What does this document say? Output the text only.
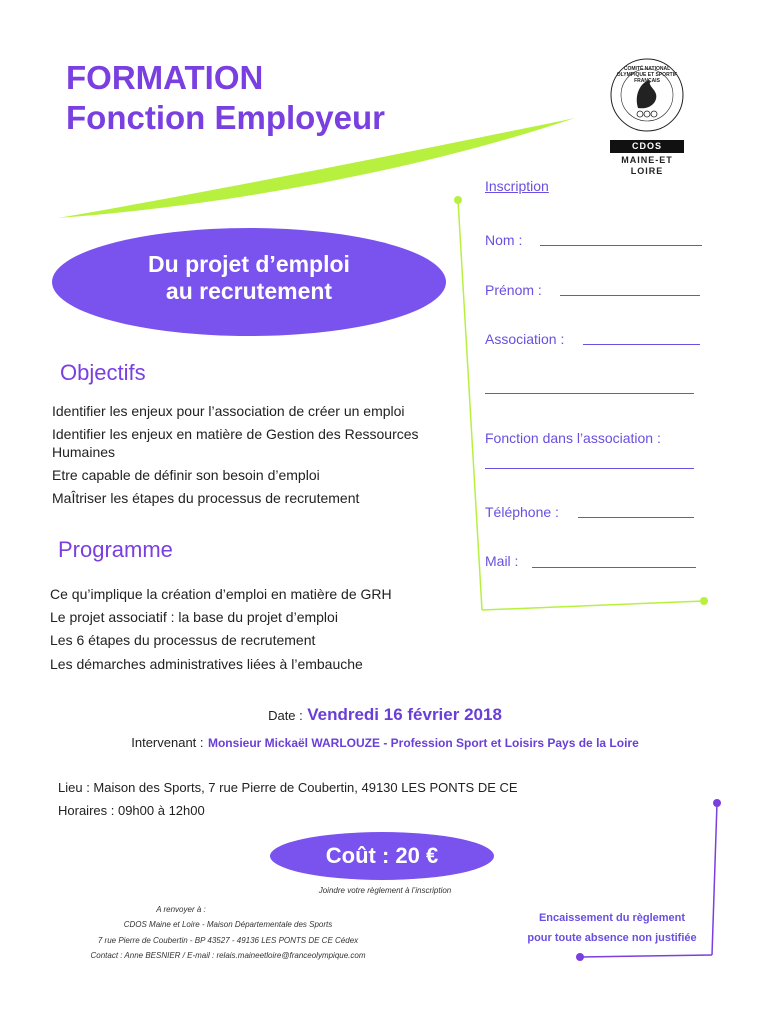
FORMATION
Fonction Employeur
COMITÉ NATIONAL OLYMPIQUE ET SPORTIF FRANÇAIS
CDOS
MAINE-ET
LOIRE
Du projet d’emploi
au recrutement
Objectifs
Identifier les enjeux pour l’association de créer un emploi
Identifier les enjeux en matière de Gestion des Ressources Humaines
Etre capable de définir son besoin d’emploi
MaÎtriser les étapes du processus de recrutement
Programme
Ce qu’implique la création d’emploi en matière de GRH
Le projet associatif : la base du projet d’emploi
Les 6 étapes du processus de recrutement
Les démarches administratives liées à l’embauche
Inscription
Nom :
Prénom :
Association :
Fonction dans l’association :
Téléphone :
Mail :
Date : Vendredi 16 février 2018
Intervenant : Monsieur Mickaël WARLOUZE - Profession Sport et Loisirs Pays de la Loire
Lieu : Maison des Sports, 7 rue Pierre de Coubertin, 49130 LES PONTS DE CE
Horaires : 09h00 à 12h00
Coût : 20 €
Joindre votre règlement à l’inscription
A renvoyer à :
CDOS Maine et Loire - Maison Départementale des Sports
7 rue Pierre de Coubertin - BP 43527 - 49136 LES PONTS DE CE Cédex
Contact : Anne BESNIER / E-mail : relais.maineetloire@franceolympique.com
Encaissement du règlement
pour toute absence non justifiée
